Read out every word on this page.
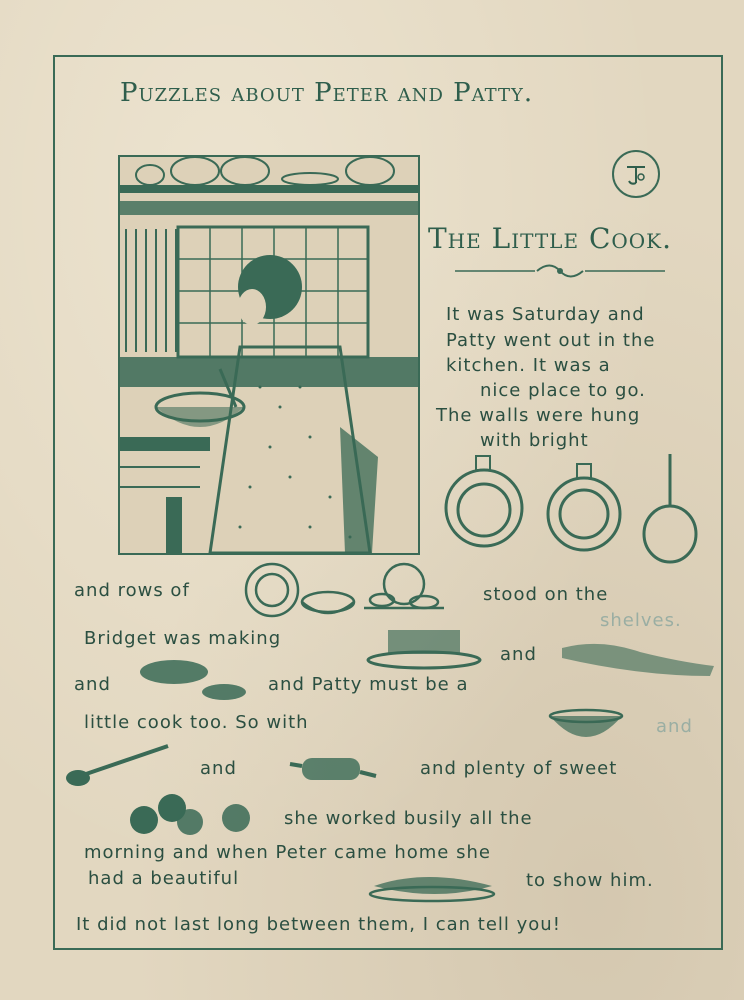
Puzzles about Peter and Patty.
The Little Cook.
It was Saturday and
Patty went out in the
kitchen. It was a
nice place to go.
The walls were hung
with bright
and rows of	stood on the
shelves.
Bridget was making
and
and	and Patty must be a
little cook too. So with	and
and	and plenty of sweet
she worked busily all the
morning and when Peter came home she
had a beautiful	to show him.
It did not last long between them, I can tell you!
